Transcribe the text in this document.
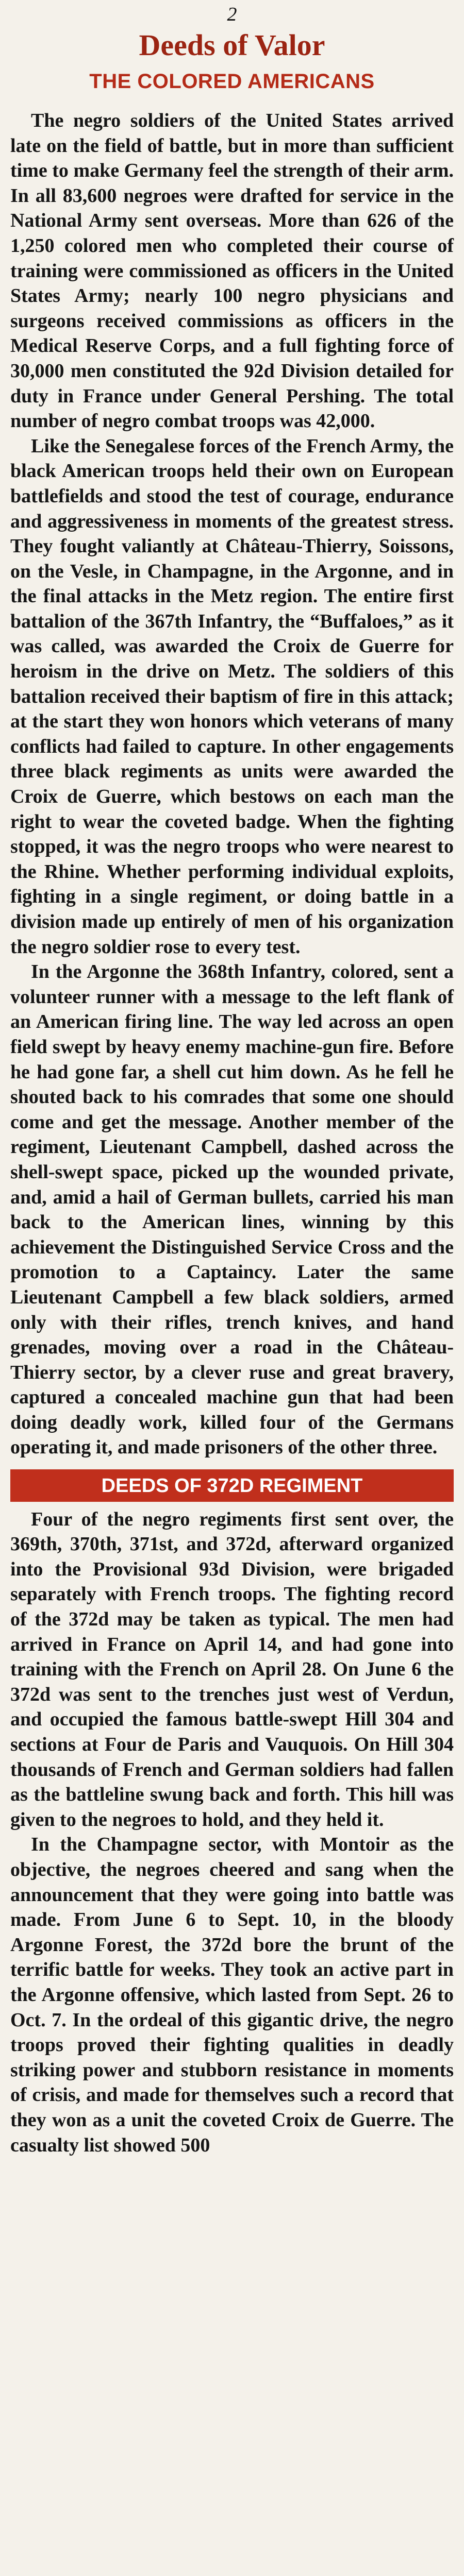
2
Deeds of Valor
THE COLORED AMERICANS

The negro soldiers of the United States arrived late on the field of battle, but in more than sufficient time to make Germany feel the strength of their arm. In all 83,600 negroes were drafted for service in the National Army sent overseas. More than 626 of the 1,250 colored men who completed their course of training were commissioned as officers in the United States Army; nearly 100 negro physicians and surgeons received commissions as officers in the Medical Reserve Corps, and a full fighting force of 30,000 men constituted the 92d Division detailed for duty in France under General Pershing. The total number of negro combat troops was 42,000.

Like the Senegalese forces of the French Army, the black American troops held their own on European battlefields and stood the test of courage, endurance and aggressiveness in moments of the greatest stress. They fought valiantly at Château-Thierry, Soissons, on the Vesle, in Champagne, in the Argonne, and in the final attacks in the Metz region. The entire first battalion of the 367th Infantry, the “Buffaloes,” as it was called, was awarded the Croix de Guerre for heroism in the drive on Metz. The soldiers of this battalion received their baptism of fire in this attack; at the start they won honors which veterans of many conflicts had failed to capture. In other engagements three black regiments as units were awarded the Croix de Guerre, which bestows on each man the right to wear the coveted badge. When the fighting stopped, it was the negro troops who were nearest to the Rhine. Whether performing individual exploits, fighting in a single regiment, or doing battle in a division made up entirely of men of his organization the negro soldier rose to every test.

In the Argonne the 368th Infantry, colored, sent a volunteer runner with a message to the left flank of an American firing line. The way led across an open field swept by heavy enemy machine-gun fire. Before he had gone far, a shell cut him down. As he fell he shouted back to his comrades that some one should come and get the message. Another member of the regiment, Lieutenant Campbell, dashed across the shell-swept space, picked up the wounded private, and, amid a hail of German bullets, carried his man back to the American lines, winning by this achievement the Distinguished Service Cross and the promotion to a Captaincy. Later the same Lieutenant Campbell a few black soldiers, armed only with their rifles, trench knives, and hand grenades, moving over a road in the Château-Thierry sector, by a clever ruse and great bravery, captured a concealed machine gun that had been doing deadly work, killed four of the Germans operating it, and made prisoners of the other three.

DEEDS OF 372D REGIMENT

Four of the negro regiments first sent over, the 369th, 370th, 371st, and 372d, afterward organized into the Provisional 93d Division, were brigaded separately with French troops. The fighting record of the 372d may be taken as typical. The men had arrived in France on April 14, and had gone into training with the French on April 28. On June 6 the 372d was sent to the trenches just west of Verdun, and occupied the famous battle-swept Hill 304 and sections at Four de Paris and Vauquois. On Hill 304 thousands of French and German soldiers had fallen as the battleline swung back and forth. This hill was given to the negroes to hold, and they held it.

In the Champagne sector, with Montoir as the objective, the negroes cheered and sang when the announcement that they were going into battle was made. From June 6 to Sept. 10, in the bloody Argonne Forest, the 372d bore the brunt of the terrific battle for weeks. They took an active part in the Argonne offensive, which lasted from Sept. 26 to Oct. 7. In the ordeal of this gigantic drive, the negro troops proved their fighting qualities in deadly striking power and stubborn resistance in moments of crisis, and made for themselves such a record that they won as a unit the coveted Croix de Guerre. The casualty list showed 500
